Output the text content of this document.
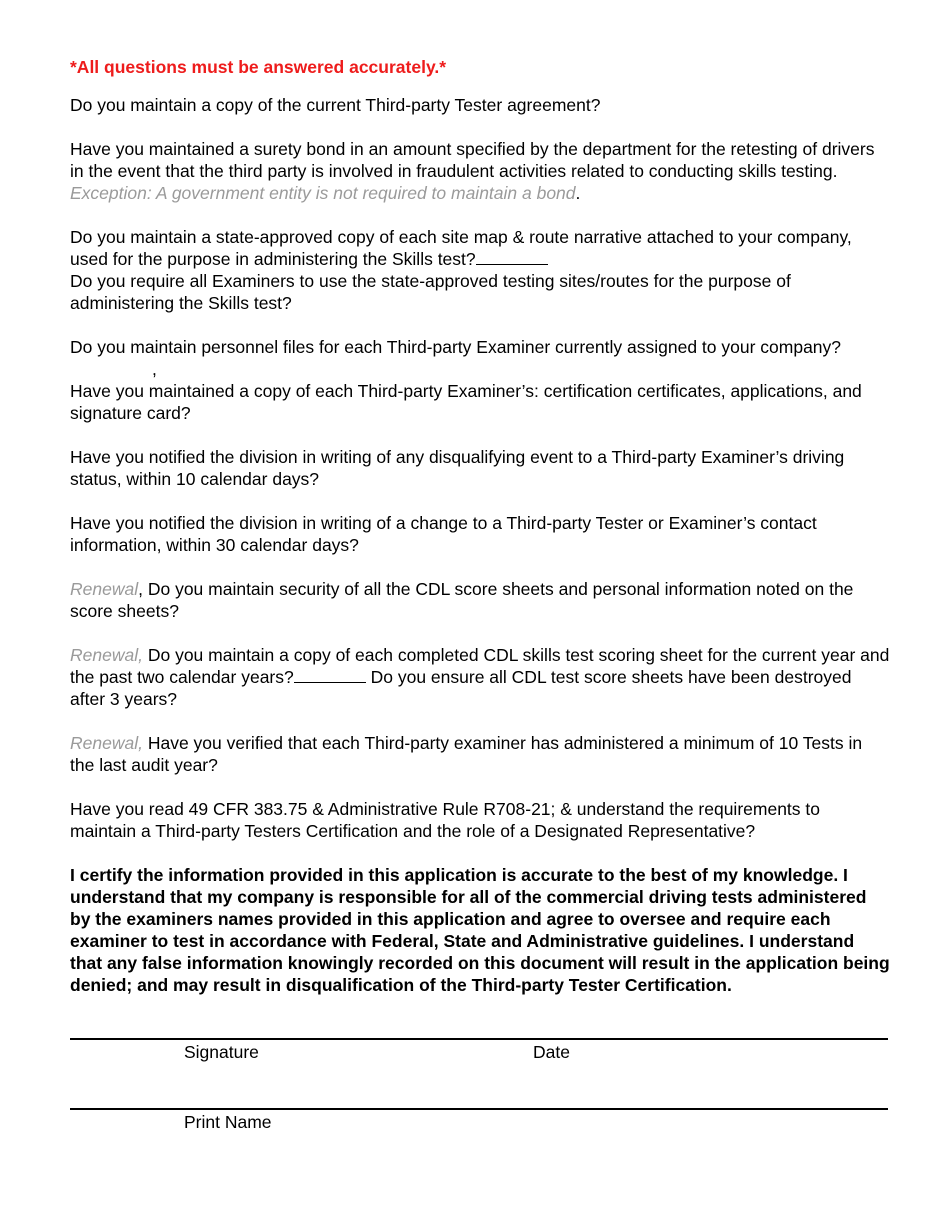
*All questions must be answered accurately.*

Do you maintain a copy of the current Third-party Tester agreement?

Have you maintained a surety bond in an amount specified by the department for the retesting of drivers in the event that the third party is involved in fraudulent activities related to conducting skills testing. Exception: A government entity is not required to maintain a bond.

Do you maintain a state-approved copy of each site map & route narrative attached to your company, used for the purpose in administering the Skills test?

Do you require all Examiners to use the state-approved testing sites/routes for the purpose of administering the Skills test?

Do you maintain personnel files for each Third-party Examiner currently assigned to your company?,

Have you maintained a copy of each Third-party Examiner’s: certification certificates, applications, and signature card?

Have you notified the division in writing of any disqualifying event to a Third-party Examiner’s driving status, within 10 calendar days?

Have you notified the division in writing of a change to a Third-party Tester or Examiner’s contact information, within 30 calendar days?

Renewal, Do you maintain security of all the CDL score sheets and personal information noted on the score sheets?

Renewal, Do you maintain a copy of each completed CDL skills test scoring sheet for the current year and the past two calendar years?	Do you ensure all CDL test score sheets have been destroyed after 3 years?

Renewal, Have you verified that each Third-party examiner has administered a minimum of 10 Tests in the last audit year?

Have you read 49 CFR 383.75 & Administrative Rule R708-21; & understand the requirements to maintain a Third-party Testers Certification and the role of a Designated Representative?

I certify the information provided in this application is accurate to the best of my knowledge. I understand that my company is responsible for all of the commercial driving tests administered by the examiners names provided in this application and agree to oversee and require each examiner to test in accordance with Federal, State and Administrative guidelines. I understand that any false information knowingly recorded on this document will result in the application being denied; and may result in disqualification of the Third-party Tester Certification.

Signature	Date
Print Name
